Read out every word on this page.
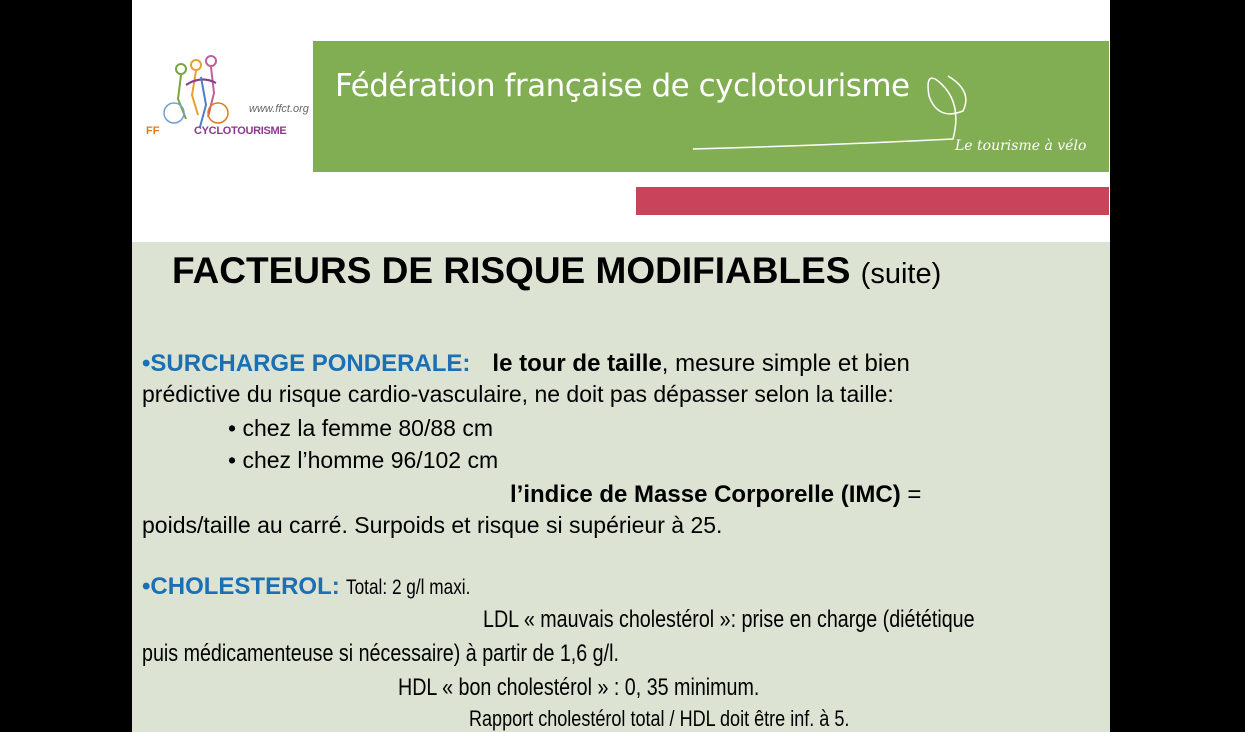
www.ffct.org
FF	CYCLOTOURISME
Fédération française de cyclotourisme
Le tourisme à vélo
FACTEURS DE RISQUE MODIFIABLES (suite)
•SURCHARGE PONDERALE: le tour de taille, mesure simple et bien
prédictive du risque cardio-vasculaire, ne doit pas dépasser selon la taille:
• chez la femme 80/88 cm
• chez l’homme 96/102 cm
l’indice de Masse Corporelle (IMC) =
poids/taille au carré. Surpoids et risque si supérieur à 25.
•CHOLESTEROL: Total: 2 g/l maxi.
LDL « mauvais cholestérol »: prise en charge (diététique
puis médicamenteuse si nécessaire) à partir de 1,6 g/l.
HDL « bon cholestérol » : 0, 35 minimum.
Rapport cholestérol total / HDL doit être inf. à 5.
